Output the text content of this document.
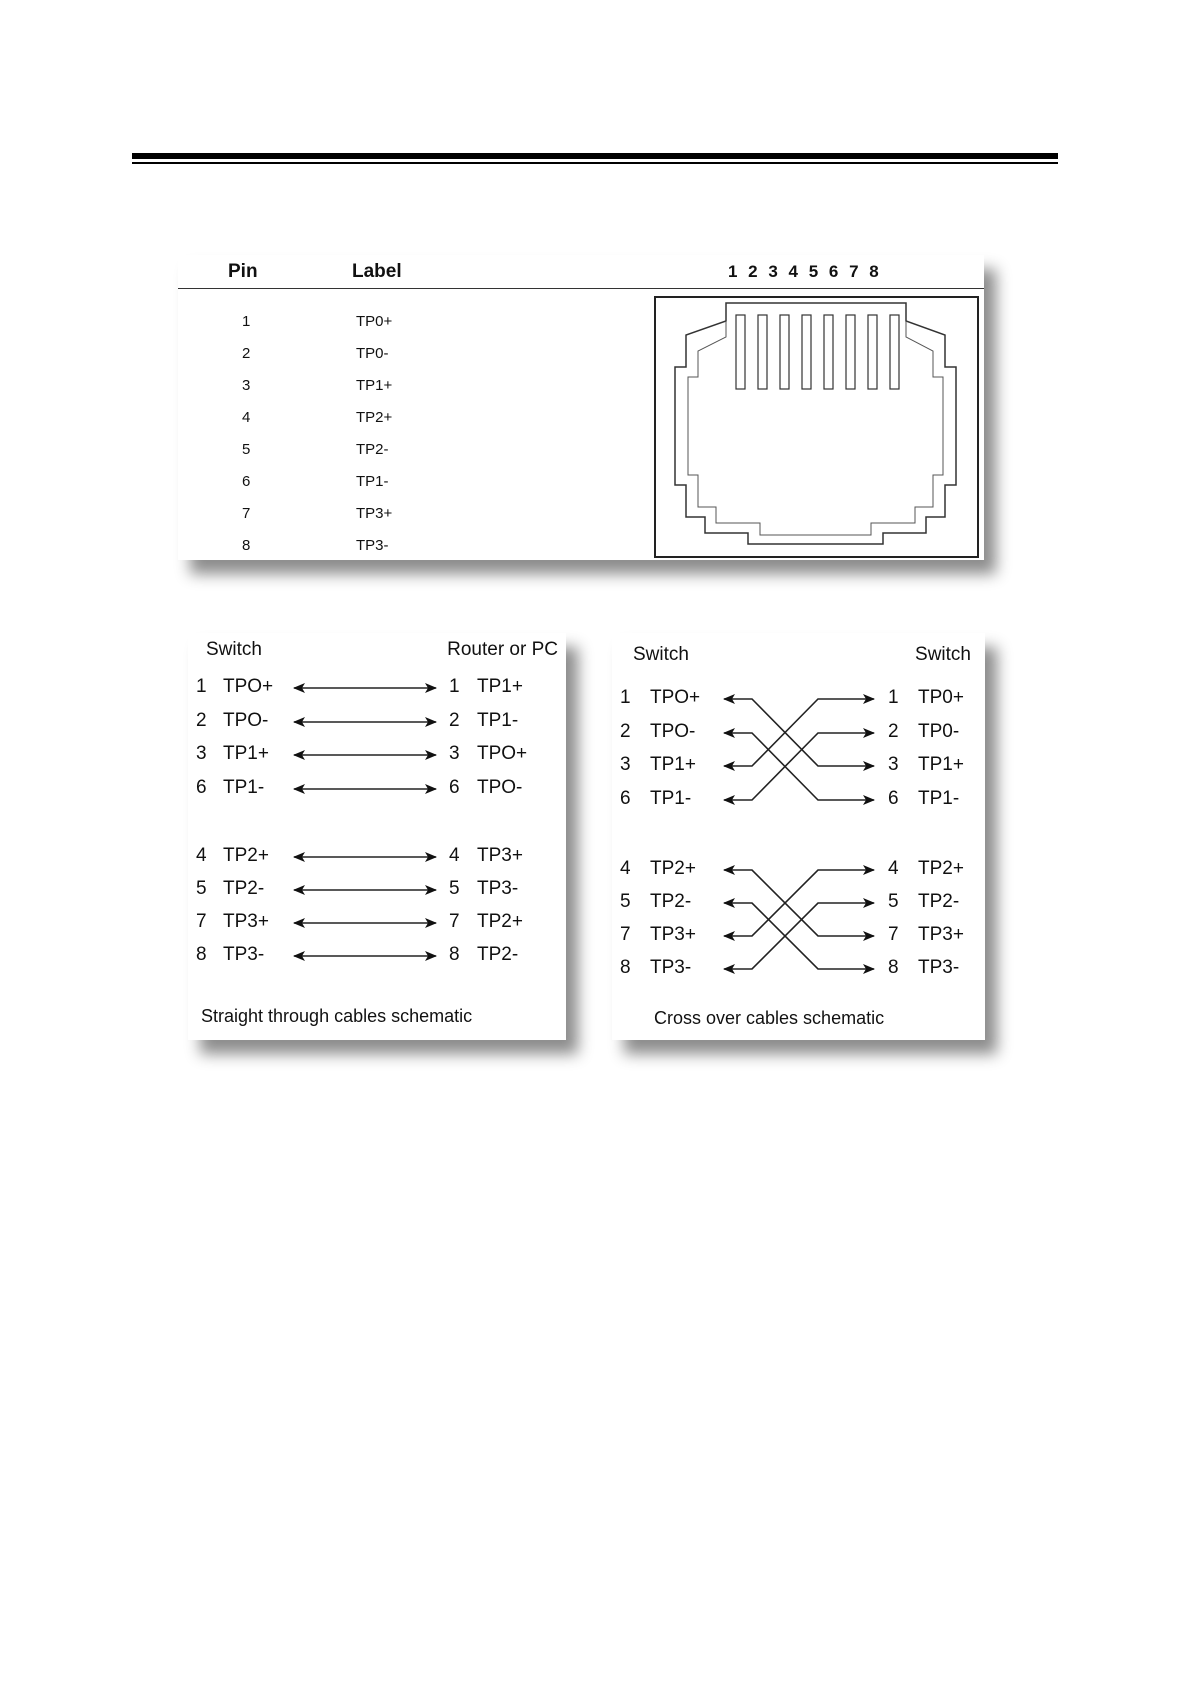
Pin	Label	1 2 3 4 5 6 7 8
1	TP0+
2	TP0-
3	TP1+
4	TP2+
5	TP2-
6	TP1-
7	TP3+
8	TP3-
Switch	Router or PC
1 TPO+	1 TP1+
2 TPO-	2 TP1-
3 TP1+	3 TPO+
6 TP1-	6 TPO-
4 TP2+	4 TP3+
5 TP2-	5 TP3-
7 TP3+	7 TP2+
8 TP3-	8 TP2-
Straight through cables schematic
Switch	Switch
1 TPO+	1 TP0+
2 TPO-	2 TP0-
3 TP1+	3 TP1+
6 TP1-	6 TP1-
4 TP2+	4 TP2+
5 TP2-	5 TP2-
7 TP3+	7 TP3+
8 TP3-	8 TP3-
Cross over cables schematic
